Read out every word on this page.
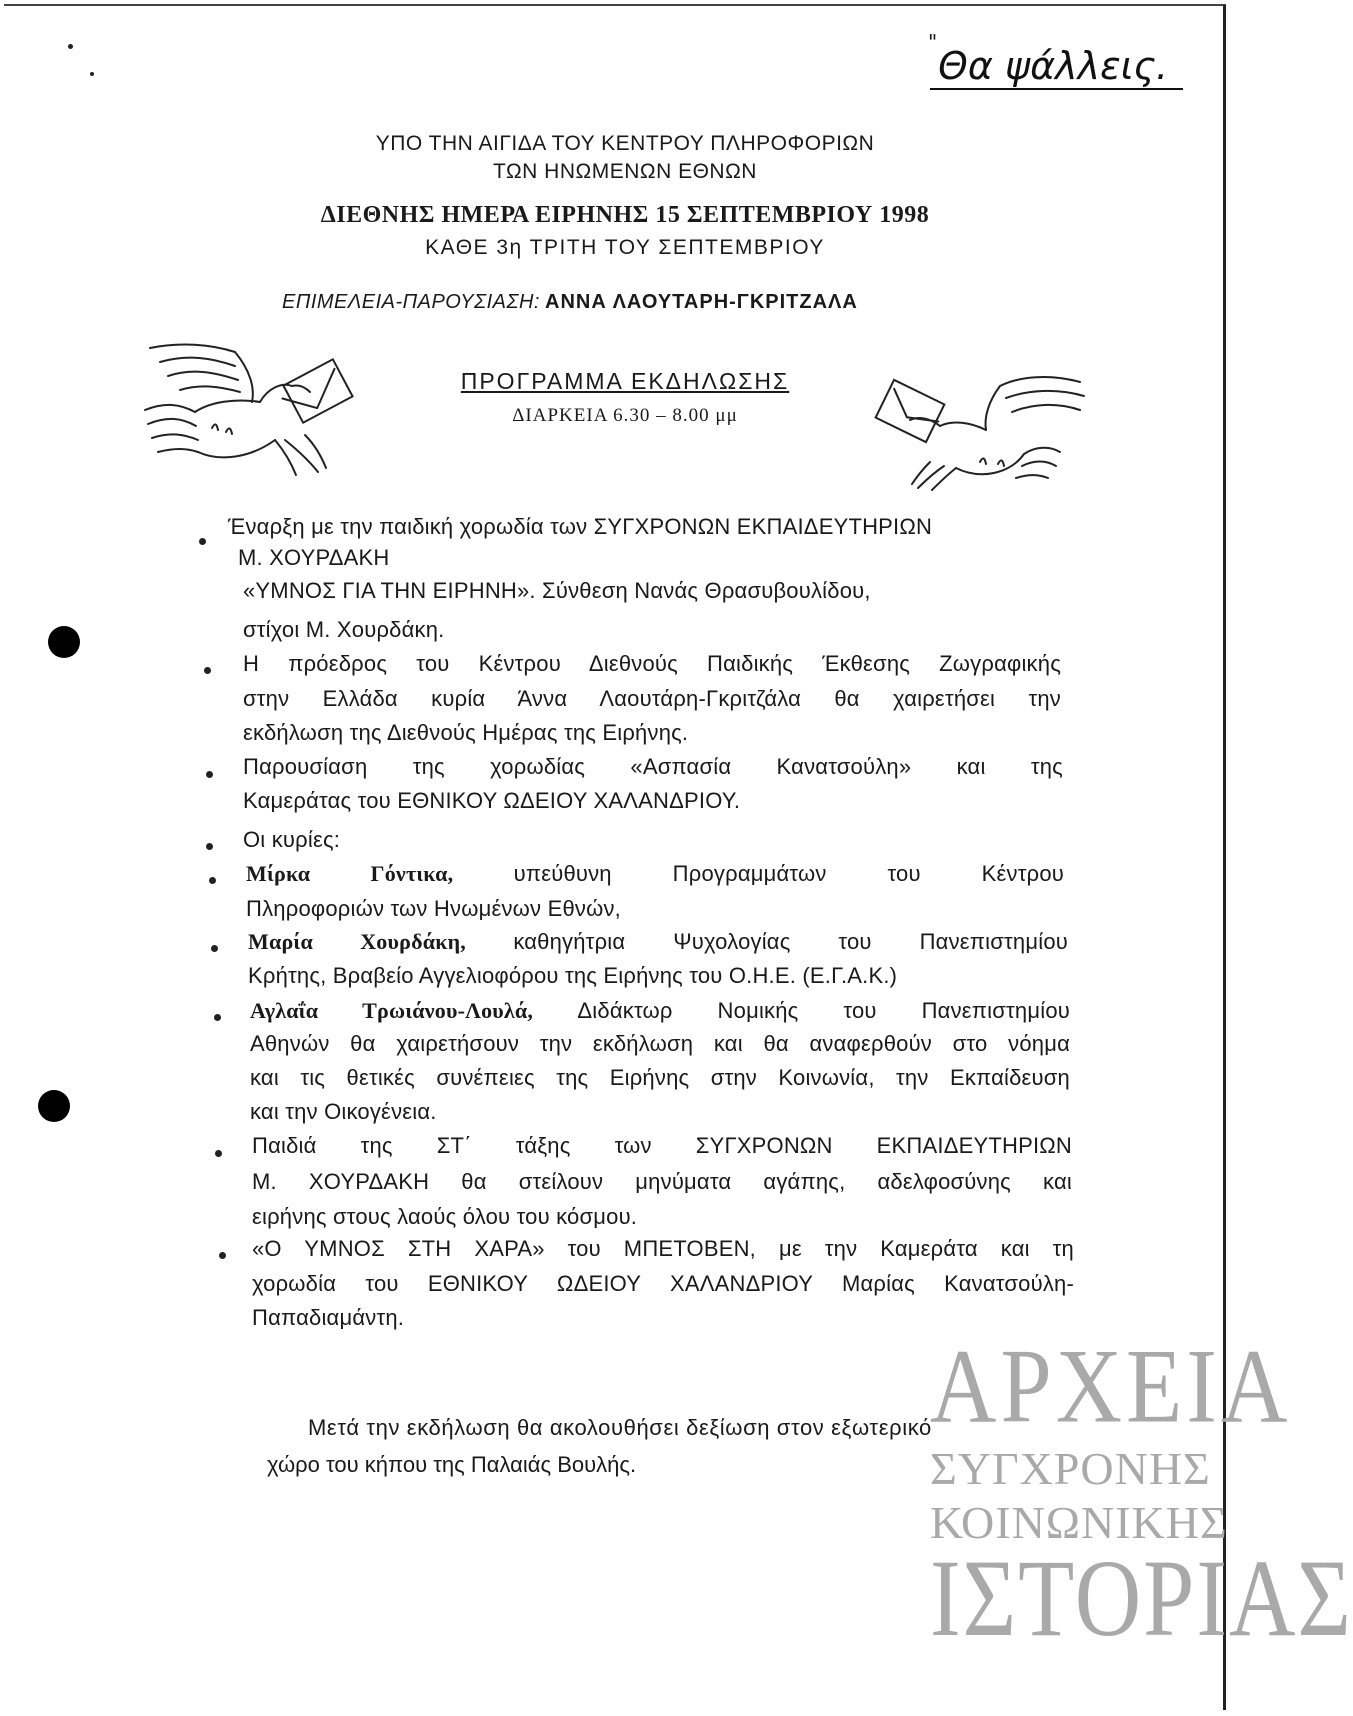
"
Θα ψάλλεις.
ΥΠΟ ΤΗΝ ΑΙΓΙΔΑ ΤΟΥ ΚΕΝΤΡΟΥ ΠΛΗΡΟΦΟΡΙΩΝ
ΤΩΝ ΗΝΩΜΕΝΩΝ ΕΘΝΩΝ
ΔΙΕΘΝΗΣ ΗΜΕΡΑ ΕΙΡΗΝΗΣ 15 ΣΕΠΤΕΜΒΡΙΟΥ 1998
ΚΑΘΕ 3η ΤΡΙΤΗ ΤΟΥ ΣΕΠΤΕΜΒΡΙΟΥ
ΕΠΙΜΕΛΕΙΑ-ΠΑΡΟΥΣΙΑΣΗ: ΑΝΝΑ ΛΑΟΥΤΑΡΗ-ΓΚΡΙΤΖΑΛΑ
ΠΡΟΓΡΑΜΜΑ ΕΚΔΗΛΩΣΗΣ
ΔΙΑΡΚΕΙΑ 6.30 – 8.00 μμ
Έναρξη με την παιδική χορωδία των ΣΥΓΧΡΟΝΩΝ ΕΚΠΑΙΔΕΥΤΗΡΙΩΝ
Μ. ΧΟΥΡΔΑΚΗ
«ΥΜΝΟΣ ΓΙΑ ΤΗΝ ΕΙΡΗΝΗ». Σύνθεση Νανάς Θρασυβουλίδου,
στίχοι Μ. Χουρδάκη.
Η πρόεδρος του Κέντρου Διεθνούς Παιδικής Έκθεσης Ζωγραφικής
στην Ελλάδα κυρία Άννα Λαουτάρη-Γκριτζάλα θα χαιρετήσει την
εκδήλωση της Διεθνούς Ημέρας της Ειρήνης.
Παρουσίαση της χορωδίας «Ασπασία Κανατσούλη» και της
Καμεράτας του ΕΘΝΙΚΟΥ ΩΔΕΙΟΥ ΧΑΛΑΝΔΡΙΟΥ.
Οι κυρίες:
Μίρκα Γόντικα,	υπεύθυνη Προγραμμάτων του Κέντρου
Πληροφοριών των Ηνωμένων Εθνών,
Μαρία Χουρδάκη, καθηγήτρια Ψυχολογίας του Πανεπιστημίου
Κρήτης, Βραβείο Αγγελιοφόρου της Ειρήνης του Ο.Η.Ε. (Ε.Γ.Α.Κ.)
Αγλαΐα Τρωιάνου-Λουλά, Διδάκτωρ Νομικής του Πανεπιστημίου
Αθηνών θα χαιρετήσουν την εκδήλωση και θα αναφερθούν στο νόημα
και τις θετικές συνέπειες της Ειρήνης στην Κοινωνία, την Εκπαίδευση
και την Οικογένεια.
Παιδιά της ΣΤ΄ τάξης των ΣΥΓΧΡΟΝΩΝ ΕΚΠΑΙΔΕΥΤΗΡΙΩΝ
Μ. ΧΟΥΡΔΑΚΗ θα στείλουν μηνύματα αγάπης, αδελφοσύνης και
ειρήνης στους λαούς όλου του κόσμου.
«Ο ΥΜΝΟΣ ΣΤΗ ΧΑΡΑ» του ΜΠΕΤΟΒΕΝ, με την Καμεράτα και τη
χορωδία του ΕΘΝΙΚΟΥ ΩΔΕΙΟΥ ΧΑΛΑΝΔΡΙΟΥ Μαρίας Κανατσούλη-
Παπαδιαμάντη.
Μετά την εκδήλωση θα ακολουθήσει δεξίωση στον εξωτερικό
χώρο του κήπου της Παλαιάς Βουλής.
ΑΡΧΕΙΑ
ΣΥΓΧΡΟΝΗΣ
ΚΟΙΝΩΝΙΚΗΣ
ΙΣΤΟΡΙΑΣ
